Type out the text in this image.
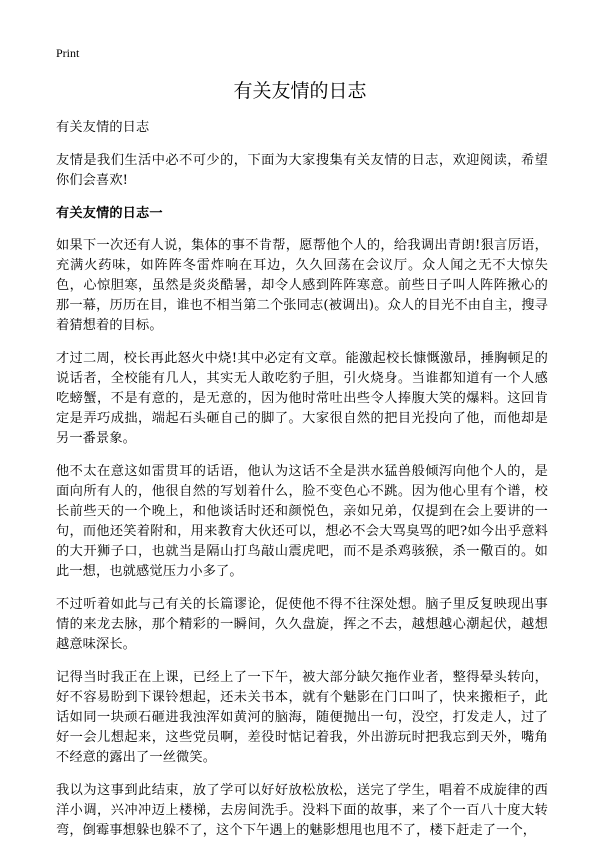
Print
有关友情的日志

有关友情的日志

友情是我们生活中必不可少的，下面为大家搜集有关友情的日志，欢迎阅读，希望你们会喜欢!

有关友情的日志一

如果下一次还有人说，集体的事不肯帮，愿帮他个人的，给我调出青朗!狠言厉语，充满火药味，如阵阵冬雷炸响在耳边，久久回荡在会议厅。众人闻之无不大惊失色，心惊胆寒，虽然是炎炎酷暑，却令人感到阵阵寒意。前些日子叫人阵阵揪心的那一幕，历历在目，谁也不相当第二个张同志(被调出)。众人的目光不由自主，搜寻着猜想着的目标。

才过二周，校长再此怒火中烧!其中必定有文章。能激起校长慷慨激昂，捶胸顿足的说话者，全校能有几人，其实无人敢吃豹子胆，引火烧身。当谁都知道有一个人感吃螃蟹，不是有意的，是无意的，因为他时常吐出些令人捧腹大笑的爆料。这回肯定是弄巧成拙，端起石头砸自己的脚了。大家很自然的把目光投向了他，而他却是另一番景象。

他不太在意这如雷贯耳的话语，他认为这话不全是洪水猛兽般倾泻向他个人的，是面向所有人的，他很自然的写划着什么，脸不变色心不跳。因为他心里有个谱，校长前些天的一个晚上，和他谈话时还和颜悦色，亲如兄弟，仅提到在会上要讲的一句，而他还笑着附和，用来教育大伙还可以，想必不会大骂臭骂的吧?如今出乎意料的大开狮子口，也就当是隔山打鸟敲山震虎吧，而不是杀鸡骇猴，杀一儆百的。如此一想，也就感觉压力小多了。

不过听着如此与己有关的长篇谬论，促使他不得不往深处想。脑子里反复映现出事情的来龙去脉，那个精彩的一瞬间，久久盘旋，挥之不去，越想越心潮起伏，越想越意味深长。

记得当时我正在上课，已经上了一下午，被大部分缺欠拖作业者，整得晕头转向，好不容易盼到下课铃想起，还未关书本，就有个魅影在门口叫了，快来搬柜子，此话如同一块顽石砸进我浊浑如黄河的脑海，随便抛出一句，没空，打发走人，过了好一会儿想起来，这些党员啊，差役时惦记着我，外出游玩时把我忘到天外，嘴角不经意的露出了一丝微笑。

我以为这事到此结束，放了学可以好好放松放松，送完了学生，唱着不成旋律的西洋小调，兴冲冲迈上楼梯，去房间洗手。没料下面的故事，来了个一百八十度大转弯，倒霉事想躲也躲不了，这个下午遇上的魅影想甩也甩不了，楼下赶走了一个，
